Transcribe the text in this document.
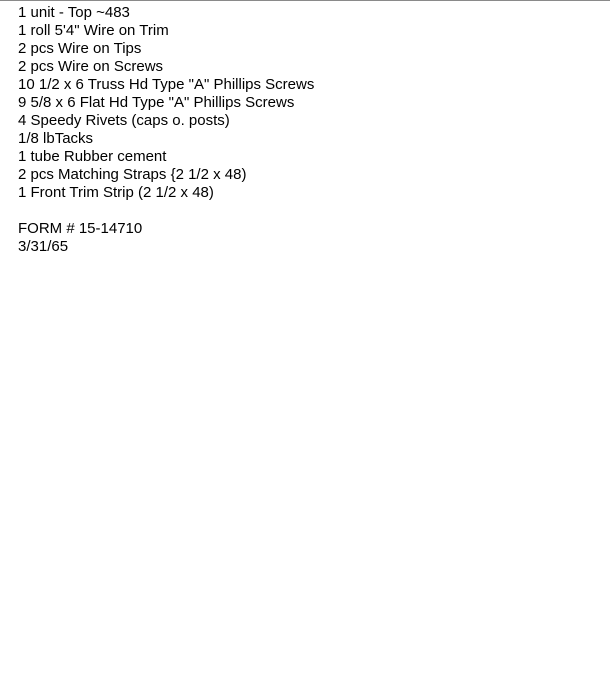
1 unit - Top ~483
1 roll 5'4" Wire on Trim
2 pcs Wire on Tips
2 pcs Wire on Screws
10 1/2 x 6 Truss Hd Type "A" Phillips Screws
9 5/8 x 6 Flat Hd Type "A" Phillips Screws
4 Speedy Rivets (caps o. posts)
1/8 lbTacks
1 tube Rubber cement
2 pcs Matching Straps {2 1/2 x 48)
1 Front Trim Strip (2 1/2 x 48)
FORM # 15-14710
3/31/65
